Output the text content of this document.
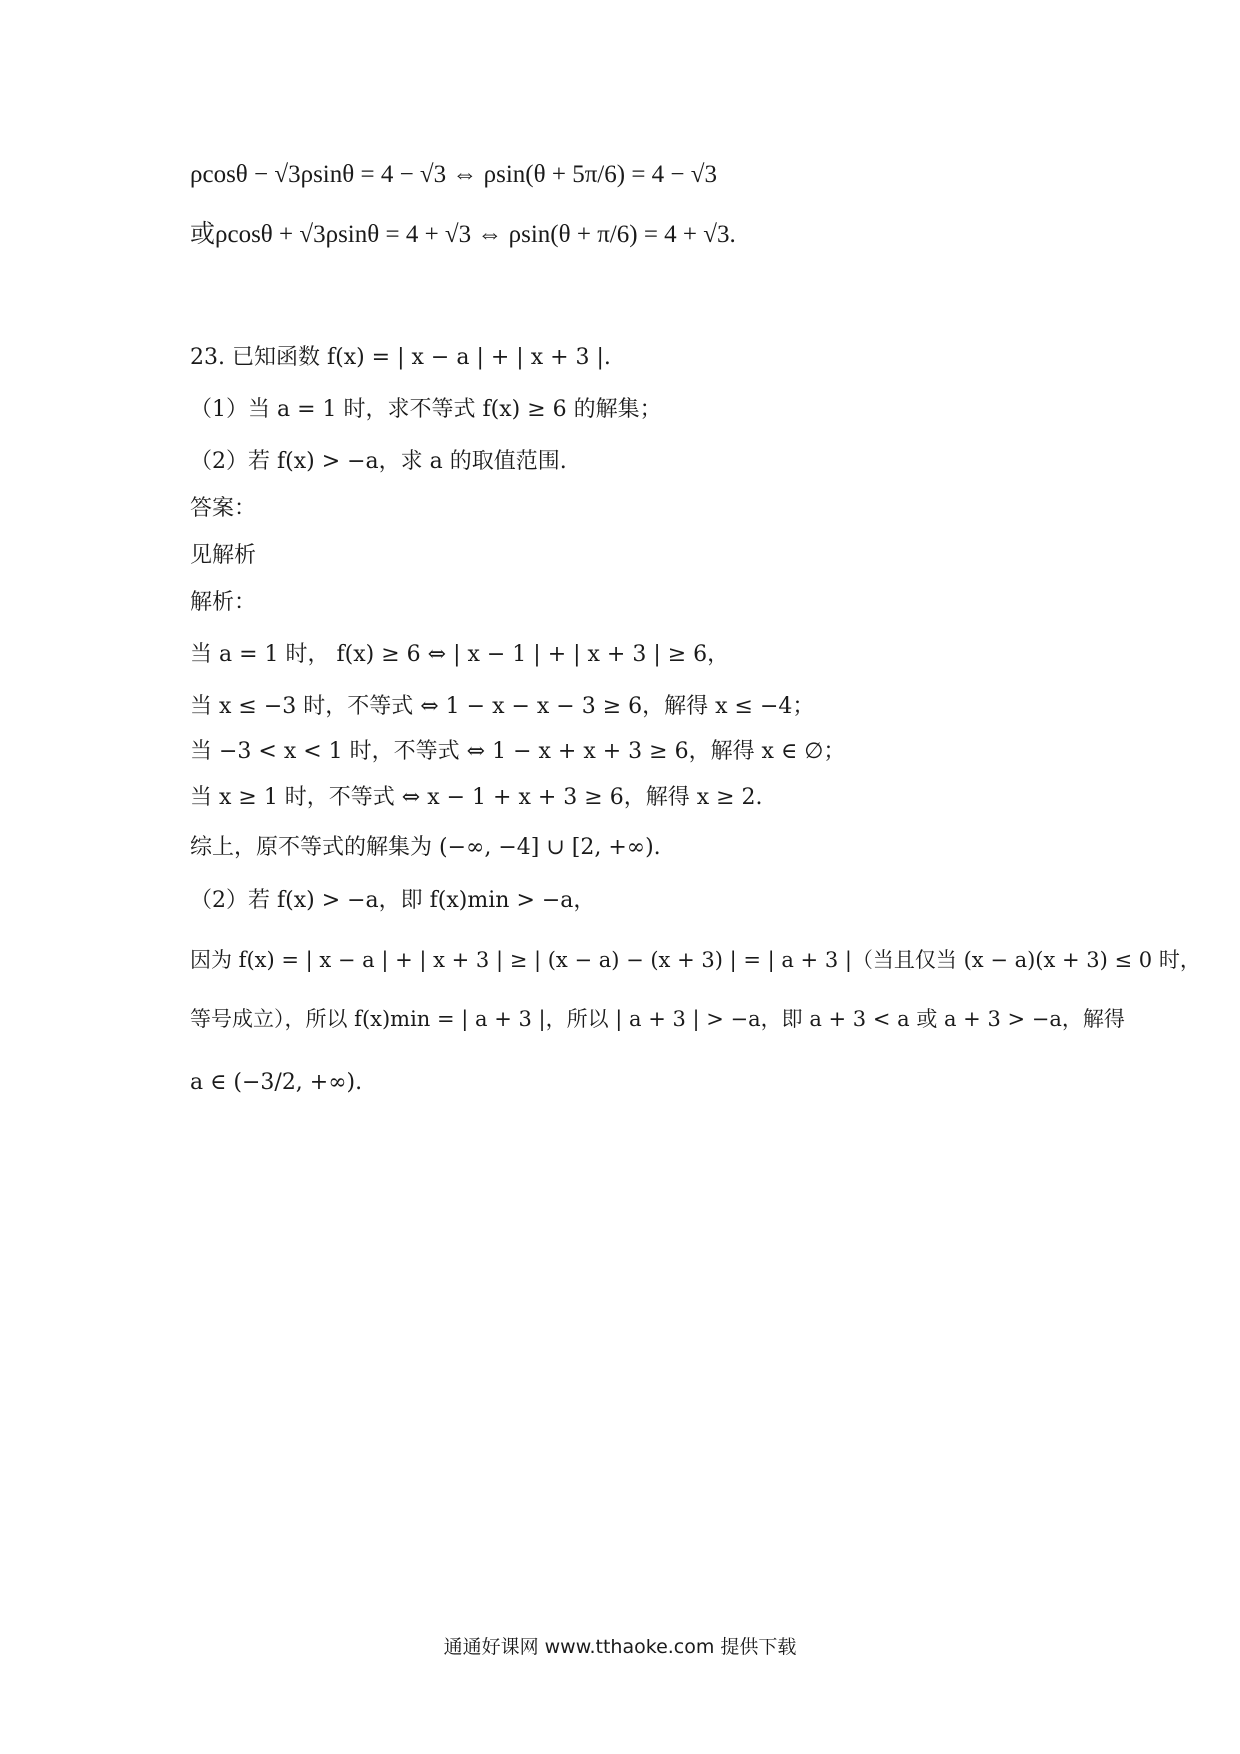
ρcosθ − √3ρsinθ = 4 − √3 ⇔ ρsin(θ + 5π/6) = 4 − √3
或ρcosθ + √3ρsinθ = 4 + √3 ⇔ ρsin(θ + π/6) = 4 + √3.
23. 已知函数 f(x) = | x − a | + | x + 3 |.
（1）当 a = 1 时，求不等式 f(x) ≥ 6 的解集；
（2）若 f(x) > −a，求 a 的取值范围.
答案：
见解析
解析：
当 a = 1 时， f(x) ≥ 6 ⇔ | x − 1 | + | x + 3 | ≥ 6，
当 x ≤ −3 时，不等式 ⇔ 1 − x − x − 3 ≥ 6，解得 x ≤ −4；
当 −3 < x < 1 时，不等式 ⇔ 1 − x + x + 3 ≥ 6，解得 x ∈ ∅；
当 x ≥ 1 时，不等式 ⇔ x − 1 + x + 3 ≥ 6，解得 x ≥ 2.
综上，原不等式的解集为 (−∞, −4] ∪ [2, +∞).
（2）若 f(x) > −a，即 f(x)min > −a，
因为 f(x) = | x − a | + | x + 3 | ≥ | (x − a) − (x + 3) | = | a + 3 |（当且仅当 (x − a)(x + 3) ≤ 0 时，
等号成立），所以 f(x)min = | a + 3 |，所以 | a + 3 | > −a，即 a + 3 < a 或 a + 3 > −a，解得
a ∈ (−3/2, +∞).
通通好课网 www.tthaoke.com 提供下载
